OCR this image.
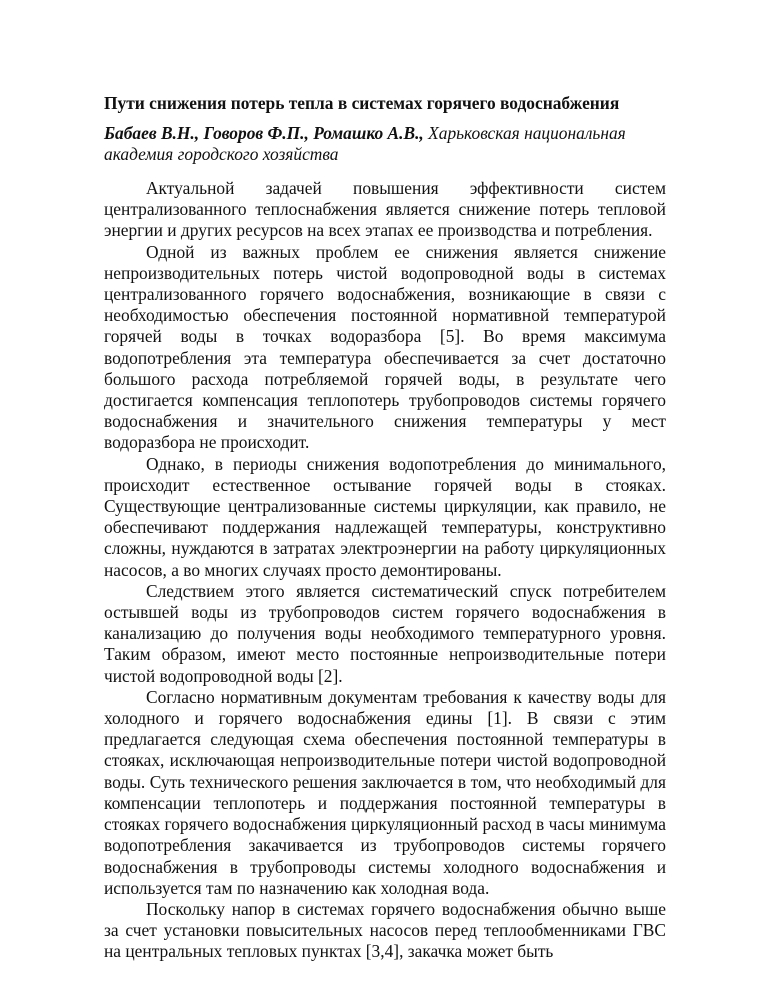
Пути снижения потерь тепла в системах горячего водоснабжения
Бабаев В.Н., Говоров Ф.П., Ромашко А.В., Харьковская национальная академия городского хозяйства

Актуальной задачей повышения эффективности систем централизованного теплоснабжения является снижение потерь тепловой энергии и других ресурсов на всех этапах ее производства и потребления.

Одной из важных проблем ее снижения является снижение непроизводительных потерь чистой водопроводной воды в системах централизованного горячего водоснабжения, возникающие в связи с необходимостью обеспечения постоянной нормативной температурой горячей воды в точках водоразбора [5]. Во время максимума водопотребления эта температура обеспечивается за счет достаточно большого расхода потребляемой горячей воды, в результате чего достигается компенсация теплопотерь трубопроводов системы горячего водоснабжения и значительного снижения температуры у мест водоразбора не происходит.

Однако, в периоды снижения водопотребления до минимального, происходит естественное остывание горячей воды в стояках. Существующие централизованные системы циркуляции, как правило, не обеспечивают поддержания надлежащей температуры, конструктивно сложны, нуждаются в затратах электроэнергии на работу циркуляционных насосов, а во многих случаях просто демонтированы.

Следствием этого является систематический спуск потребителем остывшей воды из трубопроводов систем горячего водоснабжения в канализацию до получения воды необходимого температурного уровня. Таким образом, имеют место постоянные непроизводительные потери чистой водопроводной воды [2].

Согласно нормативным документам требования к качеству воды для холодного и горячего водоснабжения едины [1]. В связи с этим предлагается следующая схема обеспечения постоянной температуры в стояках, исключающая непроизводительные потери чистой водопроводной воды. Суть технического решения заключается в том, что необходимый для компенсации теплопотерь и поддержания постоянной температуры в стояках горячего водоснабжения циркуляционный расход в часы минимума водопотребления закачивается из трубопроводов системы горячего водоснабжения в трубопроводы системы холодного водоснабжения и используется там по назначению как холодная вода.

Поскольку напор в системах горячего водоснабжения обычно выше за счет установки повысительных насосов перед теплообменниками ГВС на центральных тепловых пунктах [3,4], закачка может быть
